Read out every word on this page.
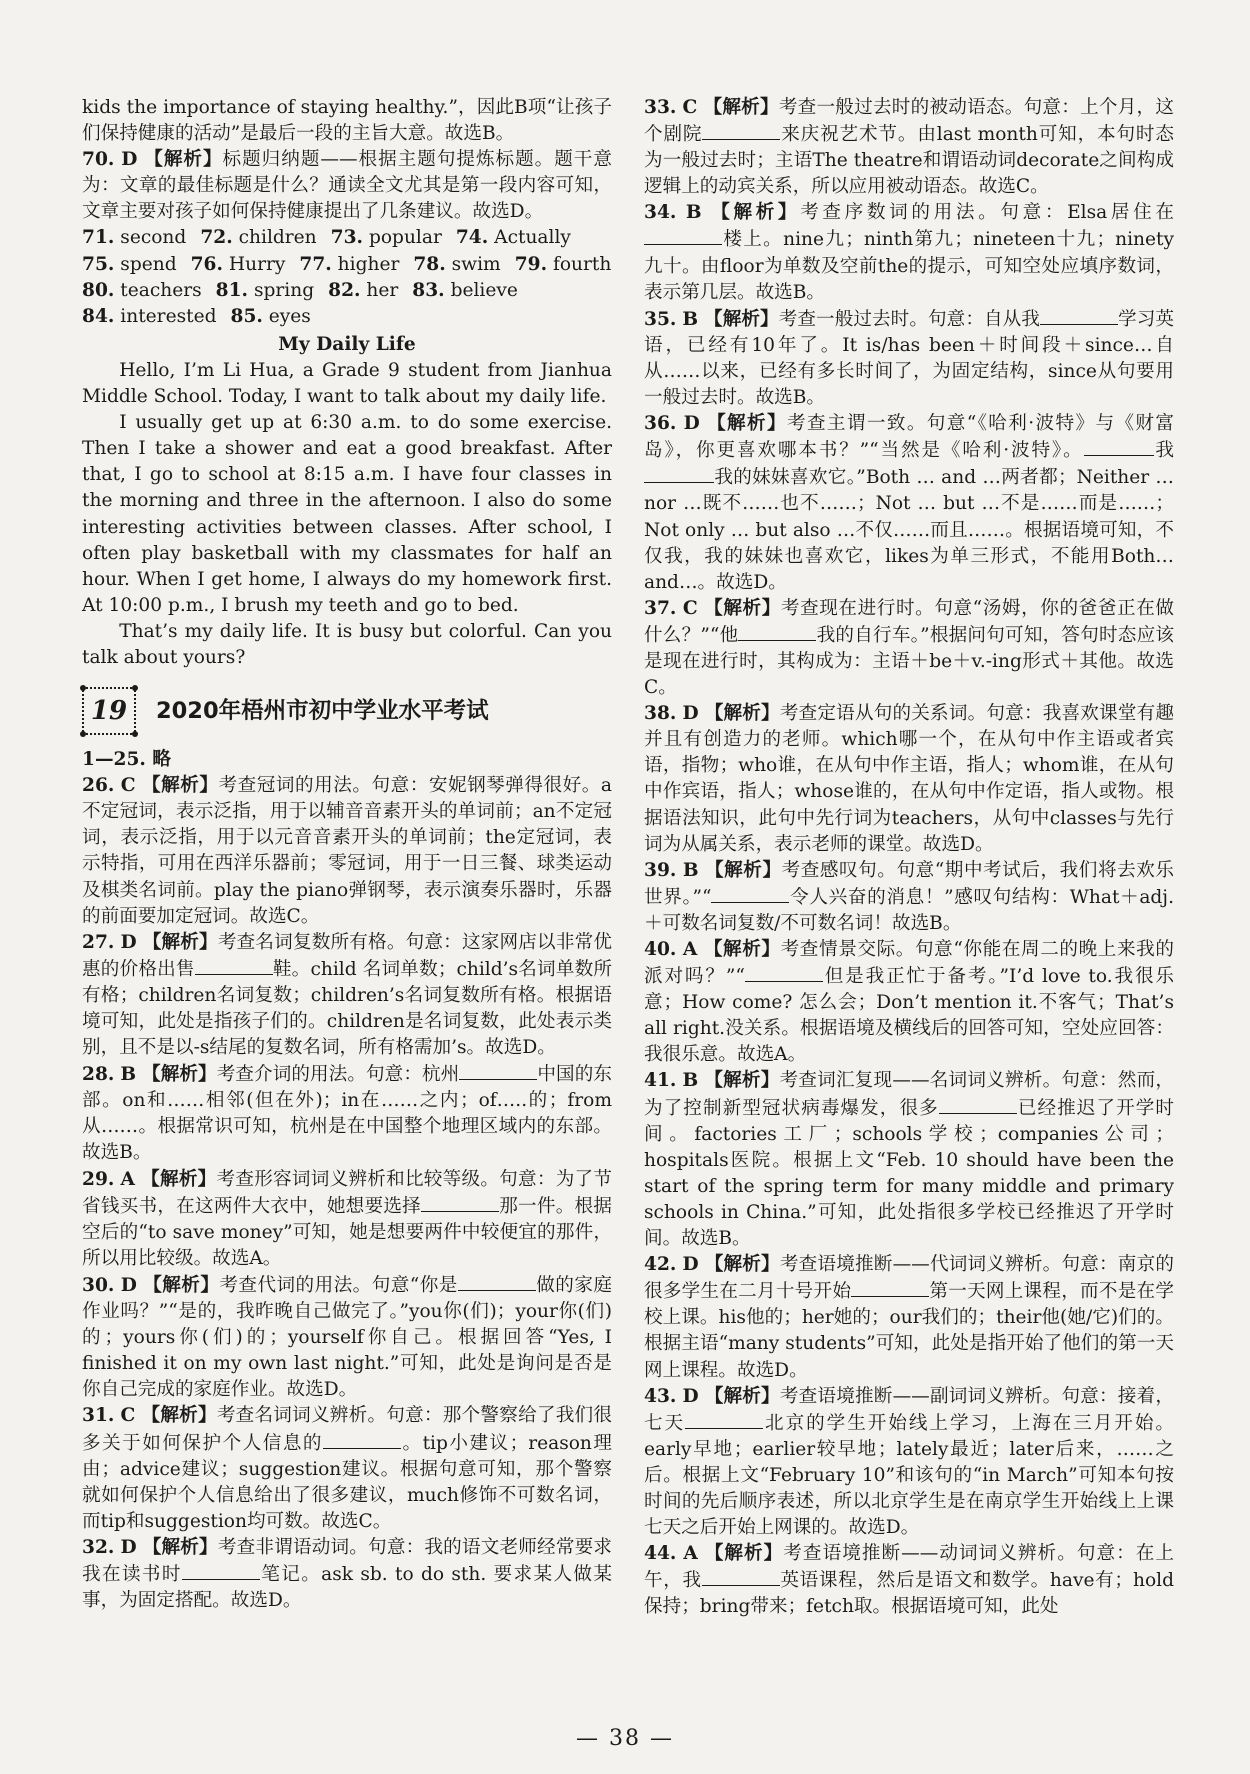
kids the importance of staying healthy.”，因此B项“让孩子们保持健康的活动”是最后一段的主旨大意。故选B。

70. D 【解析】标题归纳题——根据主题句提炼标题。题干意为：文章的最佳标题是什么？通读全文尤其是第一段内容可知，文章主要对孩子如何保持健康提出了几条建议。故选D。

71. second 72. children 73. popular 74. Actually

75. spend 76. Hurry 77. higher 78. swim 79. fourth

80. teachers 81. spring 82. her 83. believe

84. interested 85. eyes

My Daily Life

Hello, I’m Li Hua, a Grade 9 student from Jianhua Middle School. Today, I want to talk about my daily life.

I usually get up at 6:30 a.m. to do some exercise. Then I take a shower and eat a good breakfast. After that, I go to school at 8:15 a.m. I have four classes in the morning and three in the afternoon. I also do some interesting activities between classes. After school, I often play basketball with my classmates for half an hour. When I get home, I always do my homework first. At 10:00 p.m., I brush my teeth and go to bed.

That’s my daily life. It is busy but colorful. Can you talk about yours?

19 2020年梧州市初中学业水平考试

1—25. 略

26. C 【解析】考查冠词的用法。句意：安妮钢琴弹得很好。a不定冠词，表示泛指，用于以辅音音素开头的单词前；an不定冠词，表示泛指，用于以元音音素开头的单词前；the定冠词，表示特指，可用在西洋乐器前；零冠词，用于一日三餐、球类运动及棋类名词前。play the piano弹钢琴，表示演奏乐器时，乐器的前面要加定冠词。故选C。

27. D 【解析】考查名词复数所有格。句意：这家网店以非常优惠的价格出售	鞋。child 名词单数；child’s名词单数所有格；children名词复数；children’s名词复数所有格。根据语境可知，此处是指孩子们的。children是名词复数，此处表示类别，且不是以-s结尾的复数名词，所有格需加’s。故选D。

28. B 【解析】考查介词的用法。句意：杭州	中国的东部。on和……相邻(但在外)；in在……之内；of…..的；from从……。根据常识可知，杭州是在中国整个地理区域内的东部。故选B。

29. A 【解析】考查形容词词义辨析和比较等级。句意：为了节省钱买书，在这两件大衣中，她想要选择	那一件。根据空后的“to save money”可知，她是想要两件中较便宜的那件，所以用比较级。故选A。

30. D 【解析】考查代词的用法。句意“你是	做的家庭作业吗？”“是的，我昨晚自己做完了。”you你(们)；your你(们)的；yours你(们)的；yourself你自己。根据回答“Yes, I finished it on my own last night.”可知，此处是询问是否是你自己完成的家庭作业。故选D。

31. C 【解析】考查名词词义辨析。句意：那个警察给了我们很多关于如何保护个人信息的	。tip小建议；reason理由；advice建议；suggestion建议。根据句意可知，那个警察就如何保护个人信息给出了很多建议，much修饰不可数名词，而tip和suggestion均可数。故选C。

32. D 【解析】考查非谓语动词。句意：我的语文老师经常要求我在读书时	笔记。ask sb. to do sth. 要求某人做某事，为固定搭配。故选D。

33. C 【解析】考查一般过去时的被动语态。句意：上个月，这个剧院	来庆祝艺术节。由last month可知，本句时态为一般过去时；主语The theatre和谓语动词decorate之间构成逻辑上的动宾关系，所以应用被动语态。故选C。

34. B 【解析】考查序数词的用法。句意：Elsa居住在楼上。nine九；ninth第九；nineteen十九；ninety九十。由floor为单数及空前the的提示，可知空处应填序数词，表示第几层。故选B。

35. B 【解析】考查一般过去时。句意：自从我	学习英语，已经有10年了。It is/has been＋时间段＋since…自从……以来，已经有多长时间了，为固定结构，since从句要用一般过去时。故选B。

36. D 【解析】考查主谓一致。句意“《哈利·波特》与《财富岛》，你更喜欢哪本书？”“当然是《哈利·波特》。	我我的妹妹喜欢它。”Both … and …两者都；Neither … nor …既不……也不……；Not … but …不是……而是……；Not only … but also …不仅……而且……。根据语境可知，不仅我，我的妹妹也喜欢它，likes为单三形式，不能用Both…and…。故选D。

37. C 【解析】考查现在进行时。句意“汤姆，你的爸爸正在做什么？”“他	我的自行车。”根据问句可知，答句时态应该是现在进行时，其构成为：主语＋be＋v.-ing形式＋其他。故选C。

38. D 【解析】考查定语从句的关系词。句意：我喜欢课堂有趣并且有创造力的老师。which哪一个，在从句中作主语或者宾语，指物；who谁，在从句中作主语，指人；whom谁，在从句中作宾语，指人；whose谁的，在从句中作定语，指人或物。根据语法知识，此句中先行词为teachers，从句中classes与先行词为从属关系，表示老师的课堂。故选D。

39. B 【解析】考查感叹句。句意“期中考试后，我们将去欢乐世界。”“	令人兴奋的消息！”感叹句结构：What＋adj.＋可数名词复数/不可数名词！故选B。

40. A 【解析】考查情景交际。句意“你能在周二的晚上来我的派对吗？”“	但是我正忙于备考。”I’d love to.我很乐意；How come? 怎么会；Don’t mention it.不客气；That’s all right.没关系。根据语境及横线后的回答可知，空处应回答：我很乐意。故选A。

41. B 【解析】考查词汇复现——名词词义辨析。句意：然而，为了控制新型冠状病毒爆发，很多	已经推迟了开学时间。factories工厂；schools学校；companies公司；hospitals医院。根据上文“Feb. 10 should have been the start of the spring term for many middle and primary schools in China.”可知，此处指很多学校已经推迟了开学时间。故选B。

42. D 【解析】考查语境推断——代词词义辨析。句意：南京的很多学生在二月十号开始	第一天网上课程，而不是在学校上课。his他的；her她的；our我们的；their他(她/它)们的。根据主语“many students”可知，此处是指开始了他们的第一天网上课程。故选D。

43. D 【解析】考查语境推断——副词词义辨析。句意：接着，七天	北京的学生开始线上学习，上海在三月开始。early早地；earlier较早地；lately最近；later后来，……之后。根据上文“February 10”和该句的“in March”可知本句按时间的先后顺序表述，所以北京学生是在南京学生开始线上上课七天之后开始上网课的。故选D。

44. A 【解析】考查语境推断——动词词义辨析。句意：在上午，我	英语课程，然后是语文和数学。have有；hold保持；bring带来；fetch取。根据语境可知，此处

— 38 —
